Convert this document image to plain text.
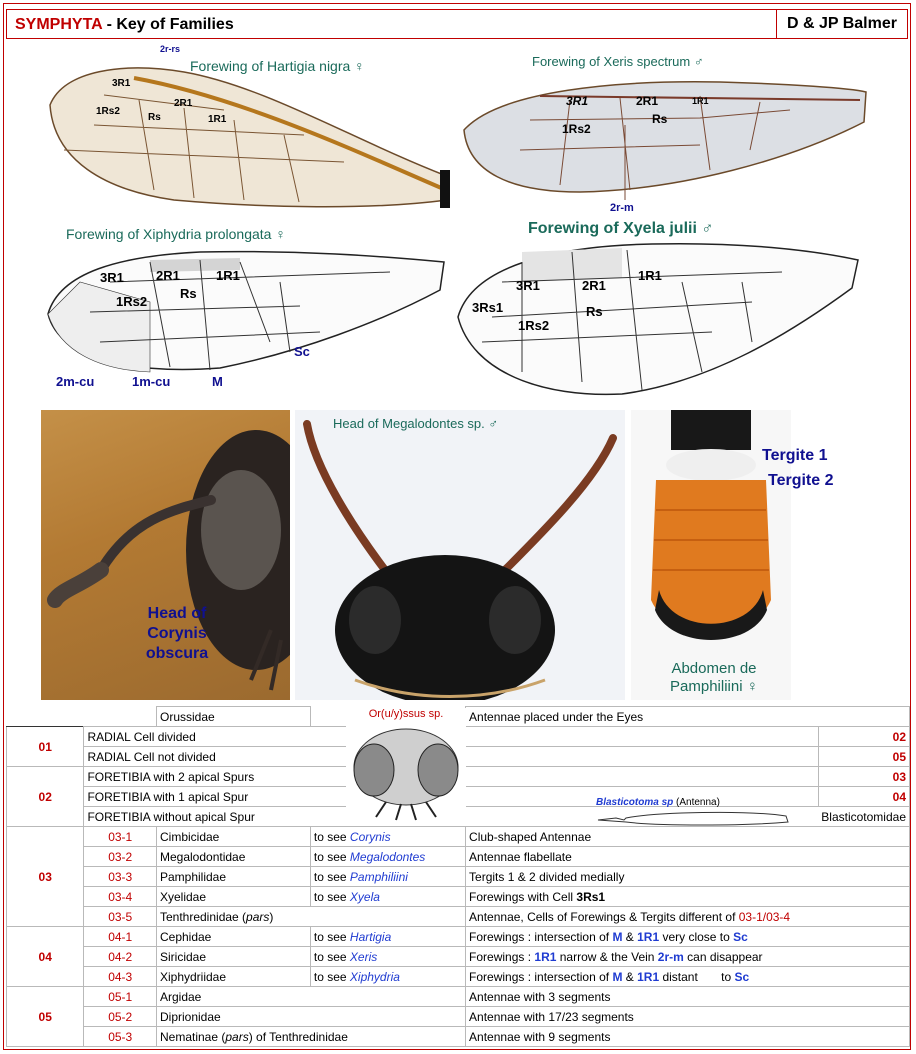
SYMPHYTA - Key of Families	D & JP Balmer
2r-rs
3R1
1Rs2
Rs
2R1
1R1
Forewing of Hartigia nigra ♀
3R1	2R1	1R1
1Rs2
Rs
2r-m
Forewing of Xeris spectrum ♂
3R1 2R1	1R1
1Rs2
Rs
Sc
2m-cu	1m-cu	M
Forewing of Xiphydria prolongata ♀
3R1	2R1
1R1
3Rs1
1Rs2
Rs
Forewing of Xyela julii ♂
Head of Corynis obscura
Head of Megalodontes sp. ♂
Abdomen de Pamphiliini ♀
Tergite 1
Tergite 2
		Orussidae		Antennae placed under the Eyes	
01	RADIAL Cell divided				02
	RADIAL Cell not divided				05
02	FORETIBIA with 2 apical Spurs				03
	FORETIBIA with 1 apical Spur				04
	FORETIBIA without apical Spur				Blasticotomidae
03	03-1	Cimbicidae	to see Corynis	Club-shaped Antennae	
	03-2	Megalodontidae	to see Megalodontes	Antennae flabellate	
	03-3	Pamphilidae	to see Pamphiliini	Tergits 1 & 2 divided medially	
	03-4	Xyelidae	to see Xyela	Forewings with Cell 3Rs1	
	03-5	Tenthredinidae (pars)		Antennae, Cells of Forewings & Tergits different of 03-1/03-4	
04	04-1	Cephidae	to see Hartigia	Forewings : intersection of M & 1R1 very close to Sc	
	04-2	Siricidae	to see Xeris	Forewings : 1R1 narrow & the Vein 2r-m can disappear	
	04-3	Xiphydriidae	to see Xiphydria	Forewings : intersection of M & 1R1 distant       to Sc	
05	05-1	Argidae		Antennae with 3 segments	
	05-2	Diprionidae		Antennae with 17/23 segments	
	05-3	Nematinae (pars) of Tenthredinidae		Antennae with 9 segments	
Or(u/y)ssus sp.
Blasticotoma sp (Antenna)
